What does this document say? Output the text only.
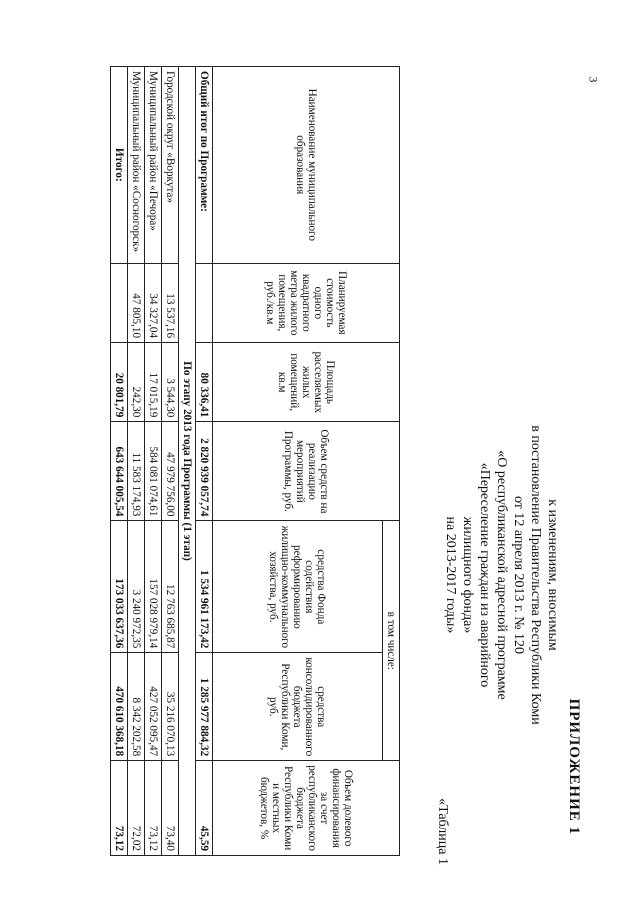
3
ПРИЛОЖЕНИЕ 1
к изменениям, вносимым
в постановление Правительства Республики Коми
от 12 апреля 2013 г. № 120
«О республиканской адресной программе
«Переселение граждан из аварийного
жилищного фонда»
на 2013-2017 годы»
«Таблица 1
Наименование муниципального образования	Планируемая стоимость одного квадратного метра жилого помещения, руб./кв.м	Площадь расселяемых жилых помещений, кв.м	Объем средств на реализацию мероприятий Программы, руб.	в том числе:		Объем долевого финансирования за счет республиканского бюджета Республики Коми и местных бюджетов, %
				средства Фонда содействия реформированию жилищно-коммунального хозяйства, руб.	средства консолидированного бюджета Республики Коми, руб.	
Общий итог по Программе:		80 336,41	2 820 939 057,74	1 534 961 173,42	1 285 977 884,32	45,59
По этапу 2013 года Программы (1 этап)						
Городской округ «Воркута»	13 537,16	3 544,30	47 979 756,00	12 763 685,87	35 216 070,13	73,40
Муниципальный район «Печора»	34 327,04	17 015,19	584 081 074,61	157 028 979,14	427 052 095,47	73,12
Муниципальный район «Сосногорск»	47 805,10	242,30	11 583 174,93	3 240 972,35	8 342 202,58	72,02
Итого:		20 801,79	643 644 005,54	173 033 637,36	470 610 368,18	73,12
